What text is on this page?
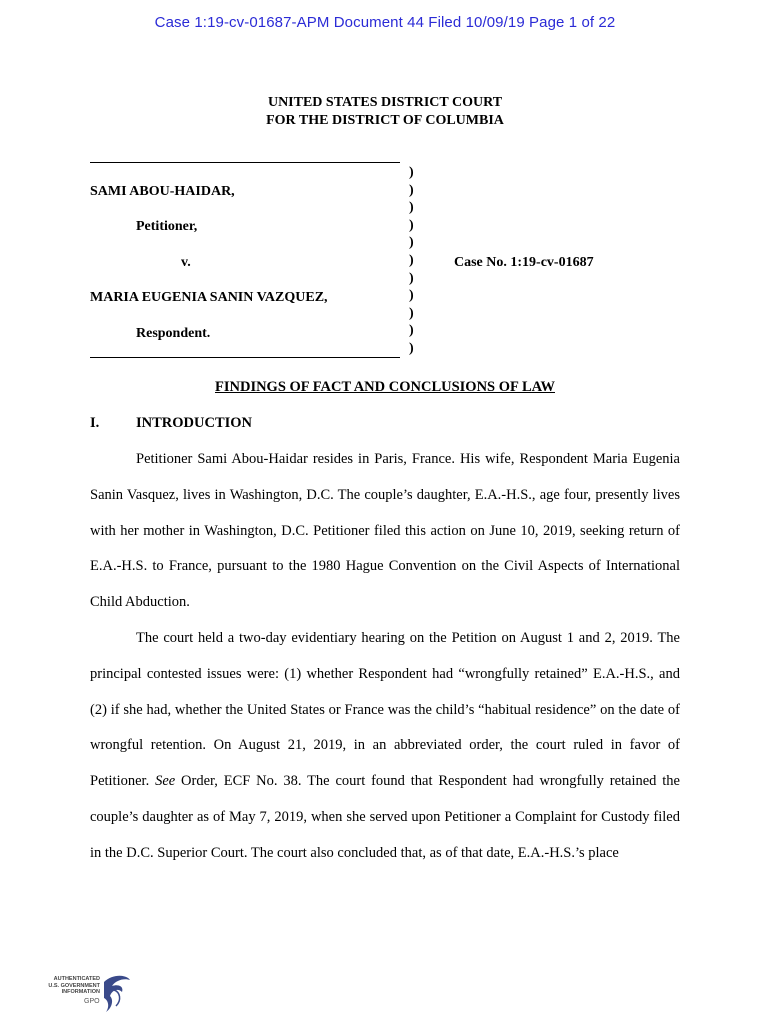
Case 1:19-cv-01687-APM Document 44 Filed 10/09/19 Page 1 of 22
UNITED STATES DISTRICT COURT
FOR THE DISTRICT OF COLUMBIA
SAMI ABOU-HAIDAR,
Petitioner,
v.
MARIA EUGENIA SANIN VAZQUEZ,
Respondent.
Case No. 1:19-cv-01687
)
)
)
)
)
)
)
)
)
)
)
FINDINGS OF FACT AND CONCLUSIONS OF LAW
I.	INTRODUCTION

Petitioner Sami Abou-Haidar resides in Paris, France. His wife, Respondent Maria Eugenia Sanin Vasquez, lives in Washington, D.C. The couple’s daughter, E.A.-H.S., age four, presently lives with her mother in Washington, D.C. Petitioner filed this action on June 10, 2019, seeking return of E.A.-H.S. to France, pursuant to the 1980 Hague Convention on the Civil Aspects of International Child Abduction.

The court held a two-day evidentiary hearing on the Petition on August 1 and 2, 2019. The principal contested issues were: (1) whether Respondent had “wrongfully retained” E.A.-H.S., and (2) if she had, whether the United States or France was the child’s “habitual residence” on the date of wrongful retention. On August 21, 2019, in an abbreviated order, the court ruled in favor of Petitioner. See Order, ECF No. 38. The court found that Respondent had wrongfully retained the couple’s daughter as of May 7, 2019, when she served upon Petitioner a Complaint for Custody filed in the D.C. Superior Court. The court also concluded that, as of that date, E.A.-H.S.’s place

AUTHENTICATED
U.S. GOVERNMENT
INFORMATION
GPO
